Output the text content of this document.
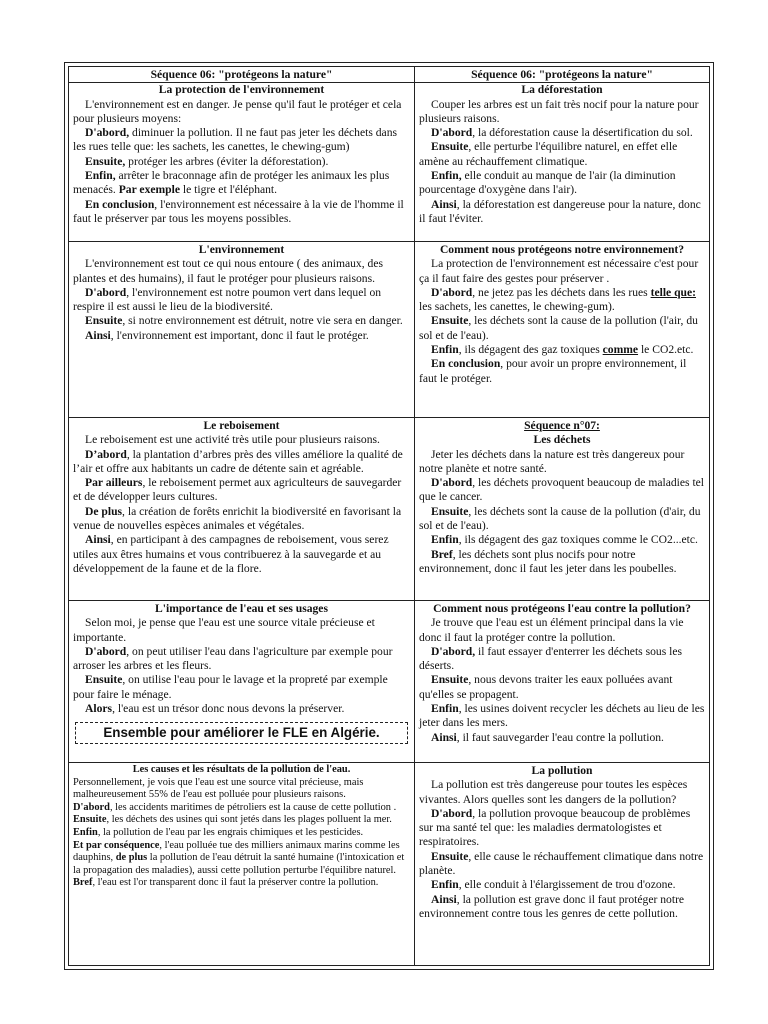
Séquence 06: "protégeons la nature"
La protection de l'environnement

L'environnement est en danger. Je pense qu'il faut le protéger et cela pour plusieurs moyens:

D'abord, diminuer la pollution. Il ne faut pas jeter les déchets dans les rues telle que: les sachets, les canettes, le chewing-gum)

Ensuite, protéger les arbres (éviter la déforestation).

Enfin, arrêter le braconnage afin de protéger les animaux les plus menacés. Par exemple le tigre et l'éléphant.

En conclusion, l'environnement est nécessaire à la vie de l'homme il faut le préserver par tous les moyens possibles.

Séquence 06: "protégeons la nature"
La déforestation

Couper les arbres est un fait très nocif pour la nature pour plusieurs raisons.

D'abord, la déforestation cause la désertification du sol.

Ensuite, elle perturbe l'équilibre naturel, en effet elle amène au réchauffement climatique.

Enfin, elle conduit au manque de l'air (la diminution pourcentage d'oxygène dans l'air).

Ainsi, la déforestation est dangereuse pour la nature, donc il faut l'éviter.

L'environnement

L'environnement est tout ce qui nous entoure ( des animaux, des plantes et des humains), il faut le protéger pour plusieurs raisons.

D'abord, l'environnement est notre poumon vert dans lequel on respire il est aussi le lieu de la biodiversité.

Ensuite, si notre environnement est détruit, notre vie sera en danger.

Ainsi, l'environnement est important, donc il faut le protéger.

Comment nous protégeons notre environnement?

La protection de l'environnement est nécessaire c'est pour ça il faut faire des gestes pour préserver .

D'abord, ne jetez pas les déchets dans les rues telle que: les sachets, les canettes, le chewing-gum).

Ensuite, les déchets sont la cause de la pollution (l'air, du sol et de l'eau).

Enfin, ils dégagent des gaz toxiques comme le CO2.etc.

En conclusion, pour avoir un propre environnement, il faut le protéger.

Le reboisement

Le reboisement est une activité très utile pour plusieurs raisons.

D’abord, la plantation d’arbres près des villes améliore la qualité de l’air et offre aux habitants un cadre de détente sain et agréable.

Par ailleurs, le reboisement permet aux agriculteurs de sauvegarder et de développer leurs cultures.

De plus, la création de forêts enrichit la biodiversité en favorisant la venue de nouvelles espèces animales et végétales.

Ainsi, en participant à des campagnes de reboisement, vous serez utiles aux êtres humains et vous contribuerez à la sauvegarde et au développement de la faune et de la flore.

Séquence n°07:
Les déchets

Jeter les déchets dans la nature est très dangereux pour notre planète et notre santé.

D'abord, les déchets provoquent beaucoup de maladies tel que le cancer.

Ensuite, les déchets sont la cause de la pollution (d'air, du sol et de l'eau).

Enfin, ils dégagent des gaz toxiques comme le CO2...etc.

Bref, les déchets sont plus nocifs pour notre environnement, donc il faut les jeter dans les poubelles.

L'importance de l'eau et ses usages

Selon moi, je pense que l'eau est une source vitale précieuse et importante.

D'abord, on peut utiliser l'eau dans l'agriculture par exemple pour arroser les arbres et les fleurs.

Ensuite, on utilise l'eau pour le lavage et la propreté par exemple pour faire le ménage.

Alors, l'eau est un trésor donc nous devons la préserver.

Ensemble pour améliorer le FLE en Algérie.
Comment nous protégeons l'eau contre la pollution?

Je trouve que l'eau est un élément principal dans la vie donc il faut la protéger contre la pollution.

D'abord, il faut essayer d'enterrer les déchets sous les déserts.

Ensuite, nous devons traiter les eaux polluées avant qu'elles se propagent.

Enfin, les usines doivent recycler les déchets au lieu de les jeter dans les mers.

Ainsi, il faut sauvegarder l'eau contre la pollution.

Les causes et les résultats de la pollution de l'eau.

Personnellement, je vois que l'eau est une source vital précieuse, mais malheureusement 55% de l'eau est polluée pour plusieurs raisons.

D'abord, les accidents maritimes de pétroliers est la cause de cette pollution .

Ensuite, les déchets des usines qui sont jetés dans les plages polluent la mer.

Enfin, la pollution de l'eau par les engrais chimiques et les pesticides.

Et par conséquence, l'eau polluée tue des milliers animaux marins comme les dauphins, de plus la pollution de l'eau détruit la santé humaine (l'intoxication et la propagation des maladies), aussi cette pollution perturbe l'équilibre naturel.

Bref, l'eau est l'or transparent donc il faut la préserver contre la pollution.

La pollution

La pollution est très dangereuse pour toutes les espèces vivantes. Alors quelles sont les dangers de la pollution?

D'abord, la pollution provoque beaucoup de problèmes sur ma santé tel que: les maladies dermatologistes et respiratoires.

Ensuite, elle cause le réchauffement climatique dans notre planète.

Enfin, elle conduit à l'élargissement de trou d'ozone.

Ainsi, la pollution est grave donc il faut protéger notre environnement contre tous les genres de cette pollution.
